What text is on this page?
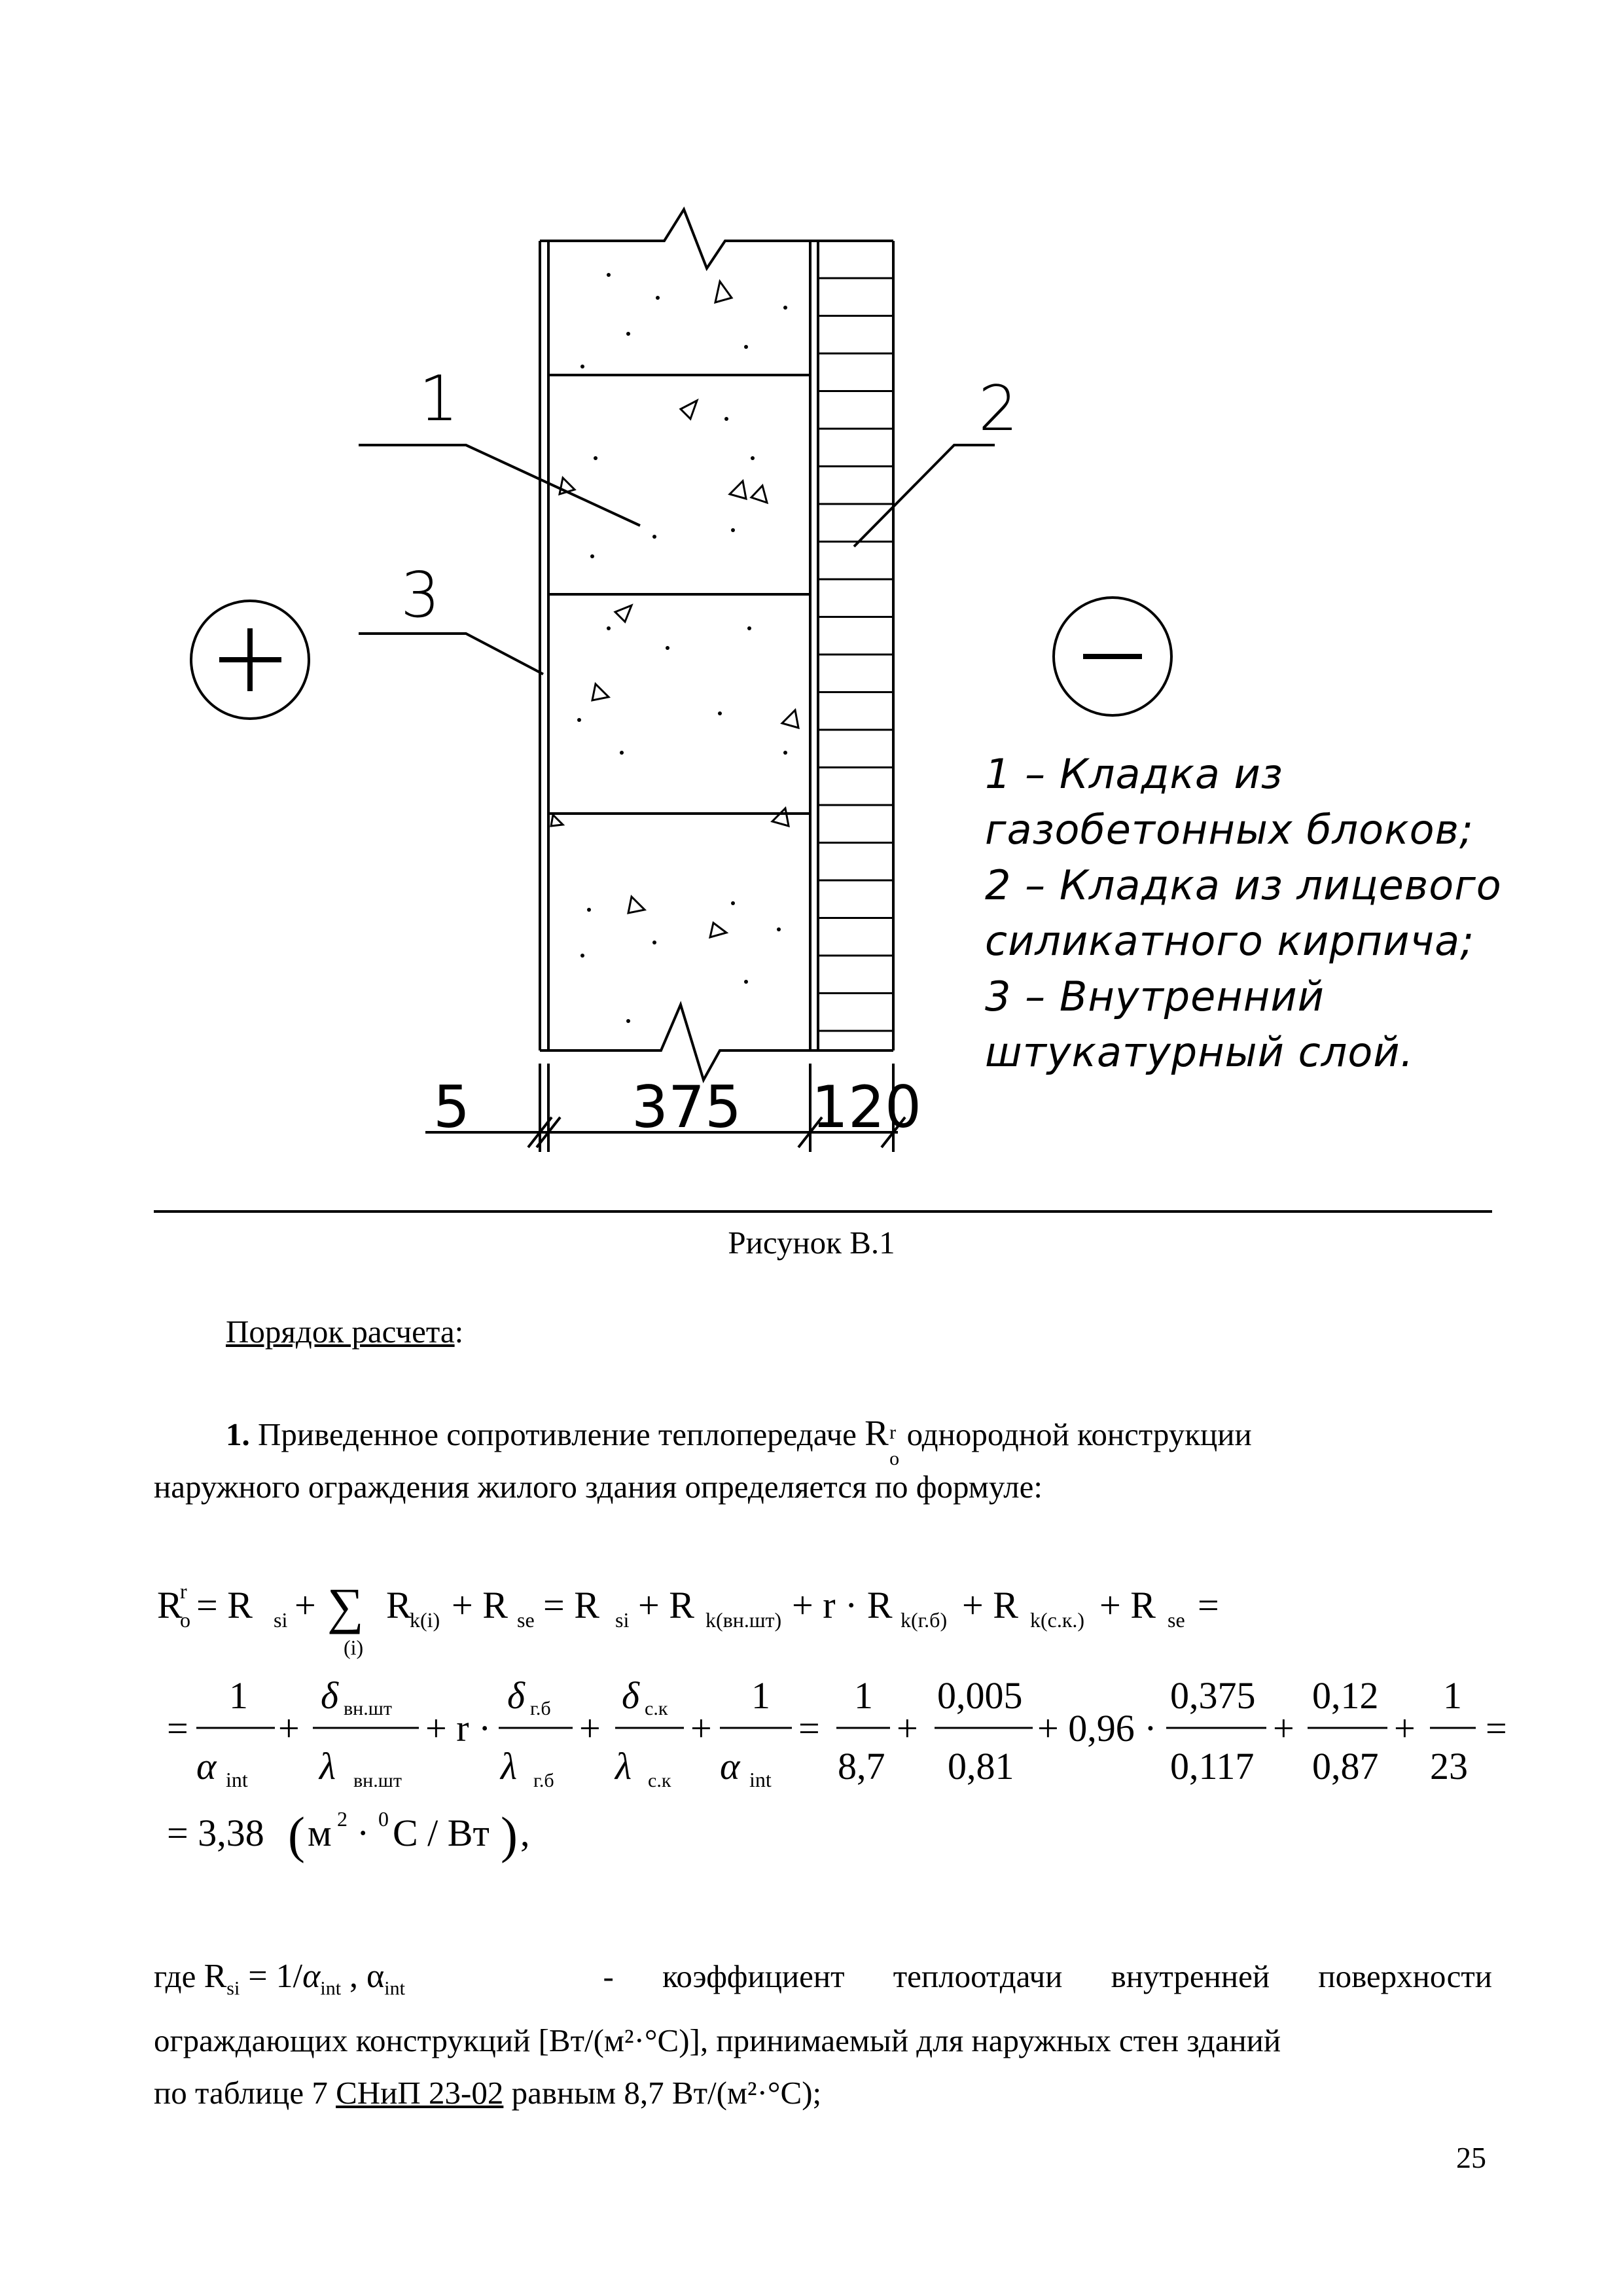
1	2
3
5	375 120
1 – Кладка из
газобетонных блоков;
2 – Кладка из лицевого
силикатного кирпича;
3 – Внутренний
штукатурный слой.
Рисунок В.1
Порядок расчета:
1. Приведенное сопротивление теплопередаче R r
o
однородной конструкции
наружного ограждения жилого здания определяется по формуле:
R
r
o = R si + ∑
(i)
R
k(i) + R se = R si + R k(вн.шт) + r · R k(г.б) + R k(с.к.) + R se =
=
1
α int
+
δ вн.шт
λ вн.шт
+ r ·
δ г.б
λ г.б
+
δ с.к
λ с.к
+
1
α int
=
1
8,7
+
0,005
0,81
+ 0,96 ·
0,375
0,117
+
0,12
0,87
+
1
23
=
= 3,38 ( м 2 · 0 С / Вт ) ,
где $R_{si} = 1/\alpha_{int}$ , $\alpha_{int}$	- коэффициент теплоотдачи внутренней поверхности
ограждающих конструкций [Вт/(м²·°С)], принимаемый для наружных стен зданий
по таблице 7 СНиП 23-02 равным 8,7 Вт/(м²·°С);
25
